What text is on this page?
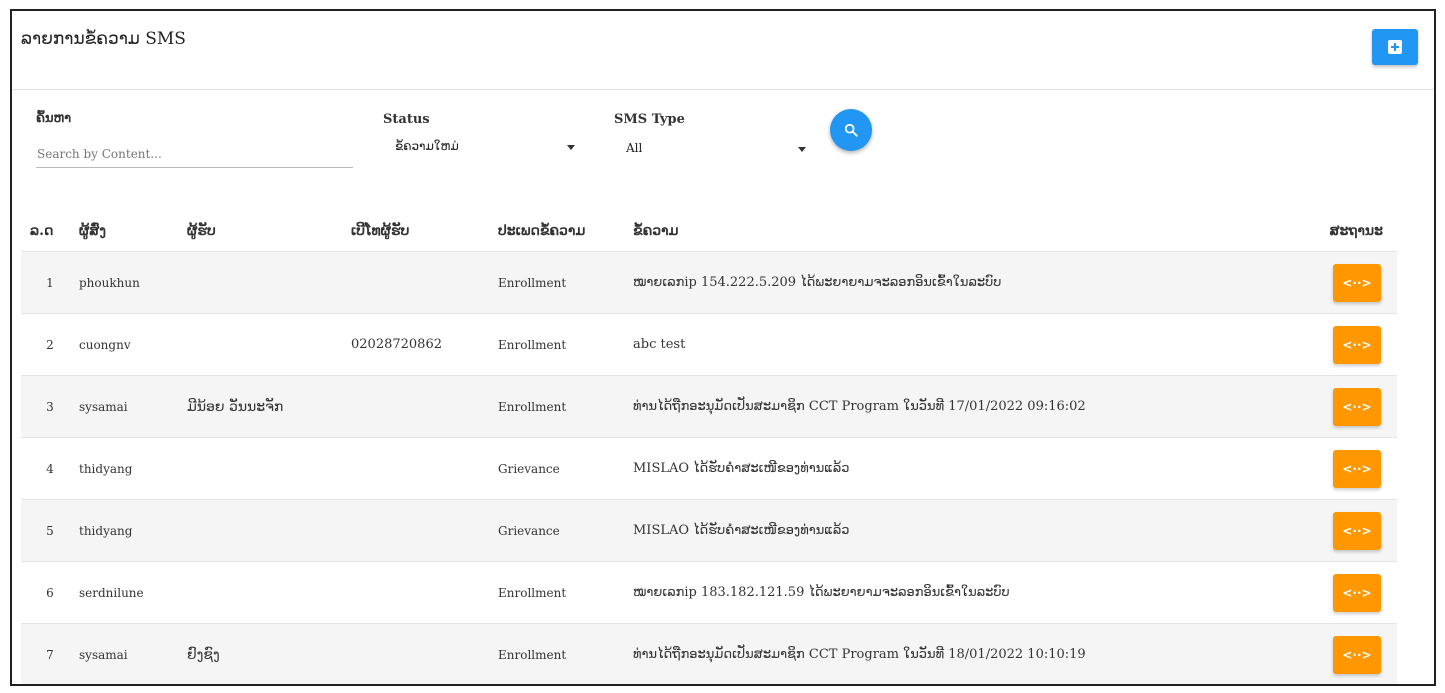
ລາຍການຂໍ້ຄວາມ SMS
ຄົ້ນຫາ
Search by Content...	Status
ຂໍ້ຄວາມໃຫມ່
SMS Type
All
ລ.ດ	ຜູ້ສົ່ງ	ຜູ້ຮັບ	ເບີໂທຜູ້ຮັບ	ປະເພດຂໍ້ຄວາມ	ຂໍ້ຄວາມ	ສະຖານະ
1	phoukhun			Enrollment	ໝາຍເລກip 154.222.5.209 ໄດ້ພະຍາຍາມຈະລອກອິນເຂົ້າໃນລະບົບ	<··>
2	cuongnv		02028720862	Enrollment	abc test	<··>
3	sysamai	ມີນ້ອຍ ວັນນະຈັກ		Enrollment	ທ່ານໄດ້ຖືກອະນຸມັດເປັນສະມາຊິກ CCT Program ໃນວັນທີ 17/01/2022 09:16:02	<··>
4	thidyang			Grievance	MISLAO ໄດ້ຮັບຄໍາສະເໜີຂອງທ່ານແລ້ວ	<··>
5	thidyang			Grievance	MISLAO ໄດ້ຮັບຄໍາສະເໜີຂອງທ່ານແລ້ວ	<··>
6	serdnilune			Enrollment	ໝາຍເລກip 183.182.121.59 ໄດ້ພະຍາຍາມຈະລອກອິນເຂົ້າໃນລະບົບ	<··>
7	sysamai	ຢົງຊົງ		Enrollment	ທ່ານໄດ້ຖືກອະນຸມັດເປັນສະມາຊິກ CCT Program ໃນວັນທີ 18/01/2022 10:10:19	<··>
